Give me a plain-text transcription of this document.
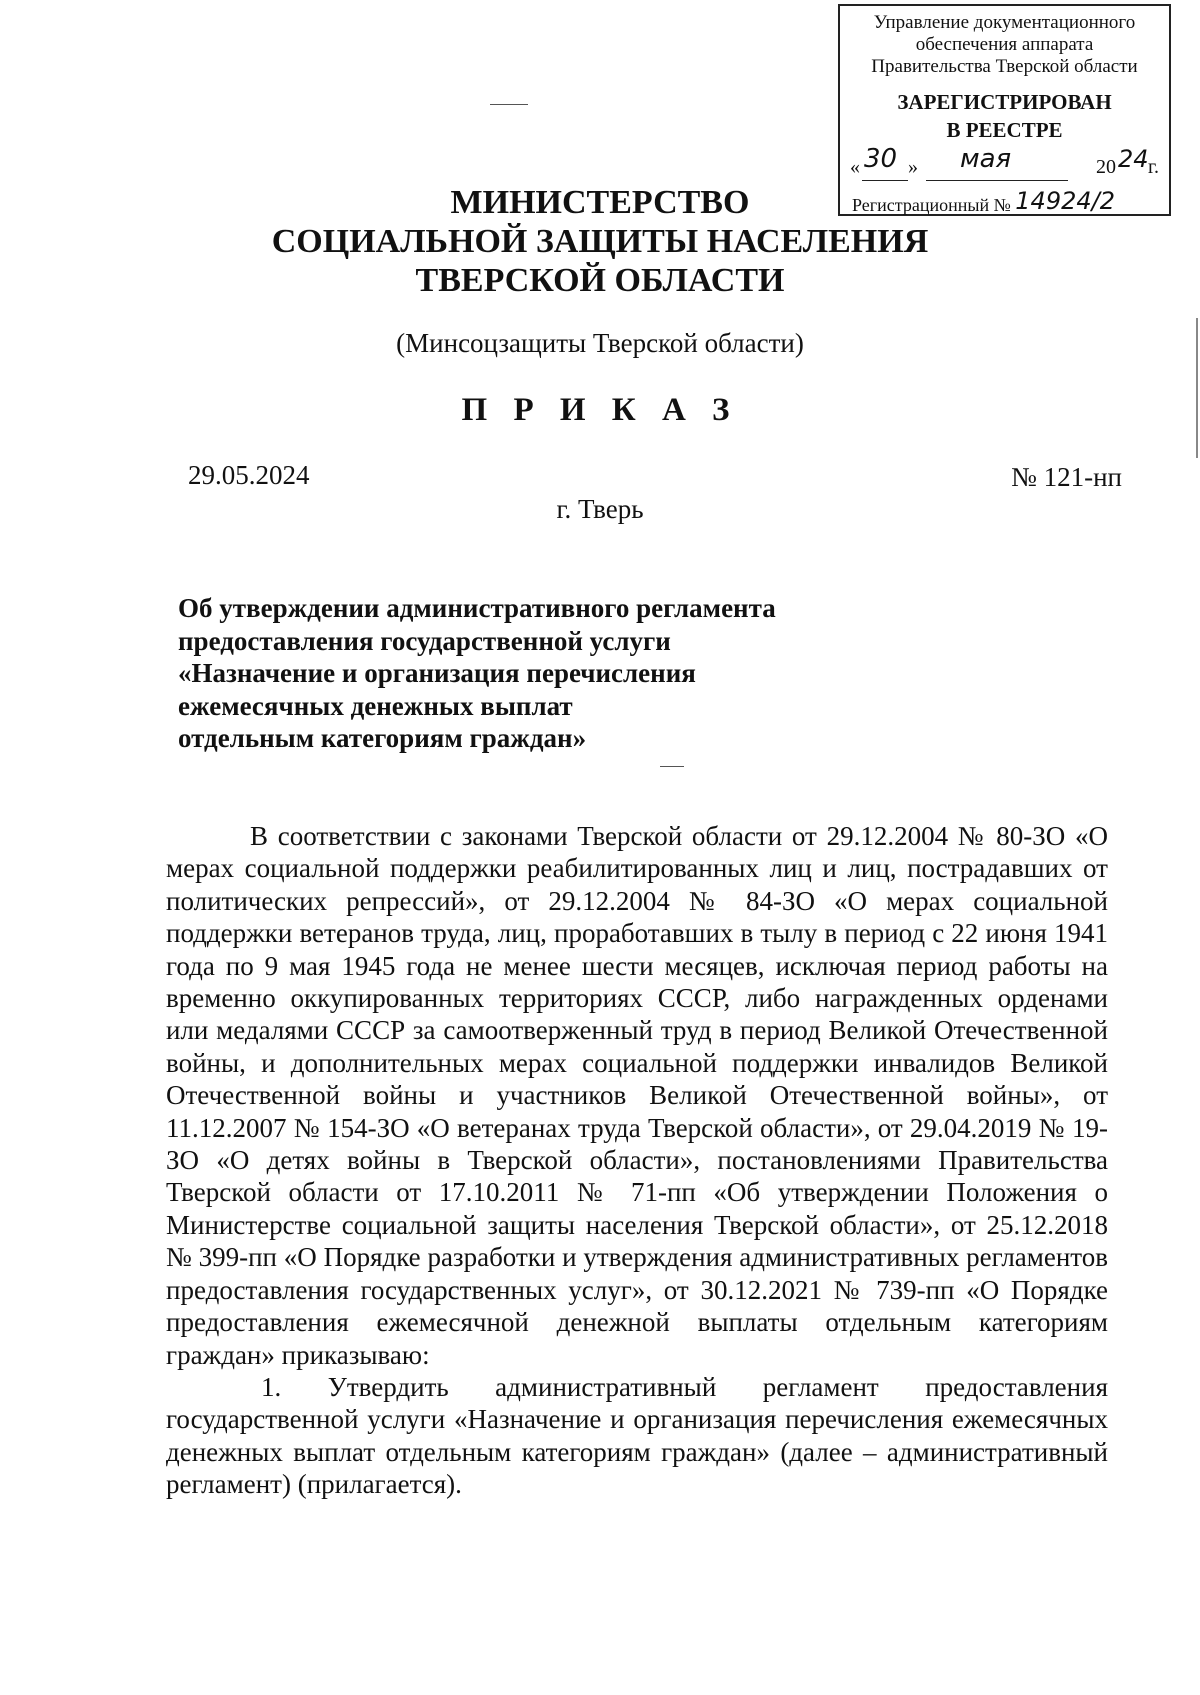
Управление документационного
обеспечения аппарата
Правительства Тверской области
ЗАРЕГИСТРИРОВАН
В РЕЕСТРЕ
« 30 » мая	20 24 г.
Регистрационный № 14924/2
МИНИСТЕРСТВО
СОЦИАЛЬНОЙ ЗАЩИТЫ НАСЕЛЕНИЯ
ТВЕРСКОЙ ОБЛАСТИ
(Минсоцзащиты Тверской области)
П Р И К А З
29.05.2024	№ 121-нп
г. Тверь
Об утверждении административного регламента
предоставления государственной услуги
«Назначение и организация перечисления
ежемесячных денежных выплат
отдельным категориям граждан»

В соответствии с законами Тверской области от 29.12.2004 № 80-ЗО «О мерах социальной поддержки реабилитированных лиц и лиц, пострадавших от политических репрессий», от 29.12.2004 № 84-ЗО «О мерах социальной поддержки ветеранов труда, лиц, проработавших в тылу в период с 22 июня 1941 года по 9 мая 1945 года не менее шести месяцев, исключая период работы на временно оккупированных территориях СССР, либо награжденных орденами или медалями СССР за самоотверженный труд в период Великой Отечественной войны, и дополнительных мерах социальной поддержки инвалидов Великой Отечественной войны и участников Великой Отечественной войны», от 11.12.2007 № 154-ЗО «О ветеранах труда Тверской области», от 29.04.2019 № 19-ЗО «О детях войны в Тверской области», постановлениями Правительства Тверской области от 17.10.2011 № 71-пп «Об утверждении Положения о Министерстве социальной защиты населения Тверской области», от 25.12.2018 № 399-пп «О Порядке разработки и утверждения административных регламентов предоставления государственных услуг», от 30.12.2021 № 739-пп «О Порядке предоставления ежемесячной денежной выплаты отдельным категориям граждан» приказываю:

1. Утвердить административный регламент предоставления государственной услуги «Назначение и организация перечисления ежемесячных денежных выплат отдельным категориям граждан» (далее – административный регламент) (прилагается).
